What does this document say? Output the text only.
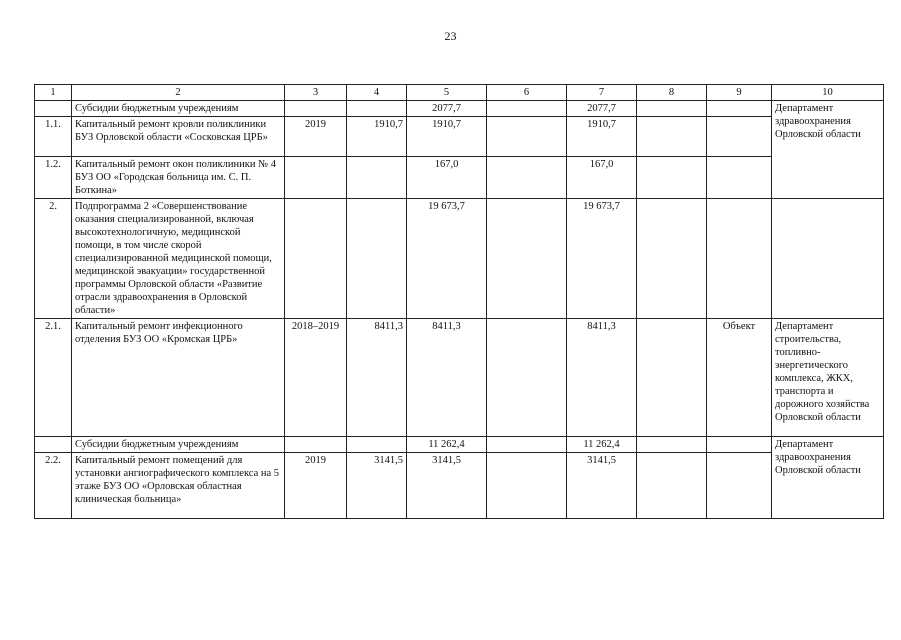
23
1	2	3	4	5	6	7	8	9	10
	Субсидии бюджетным учреждениям			2077,7		2077,7			Департамент здравоохранения Орловской области
1.1.	Капитальный ремонт кровли поликлиники БУЗ Орловской области «Сосковская ЦРБ»	2019	1910,7	1910,7		1910,7			
1.2.	Капитальный ремонт окон поликлиники № 4 БУЗ ОО «Городская больница им. С. П. Боткина»			167,0		167,0			
2.	Подпрограмма 2 «Совершенствование оказания специализированной, включая высокотехнологичную, медицинской помощи, в том числе скорой специализированной медицинской помощи, медицинской эвакуации» государственной программы Орловской области «Развитие отрасли здравоохранения в Орловской области»			19 673,7		19 673,7			
2.1.	Капитальный ремонт инфекционного отделения БУЗ ОО «Кромская ЦРБ»	2018–2019	8411,3	8411,3		8411,3		Объект	Департамент строительства, топливно-энергетического комплекса, ЖКХ, транспорта и дорожного хозяйства Орловской области
	Субсидии бюджетным учреждениям			11 262,4		11 262,4			Департамент здравоохранения Орловской области
2.2.	Капитальный ремонт помещений для установки ангиографического комплекса на 5 этаже БУЗ ОО «Орловская областная клиническая больница»	2019	3141,5	3141,5		3141,5			
